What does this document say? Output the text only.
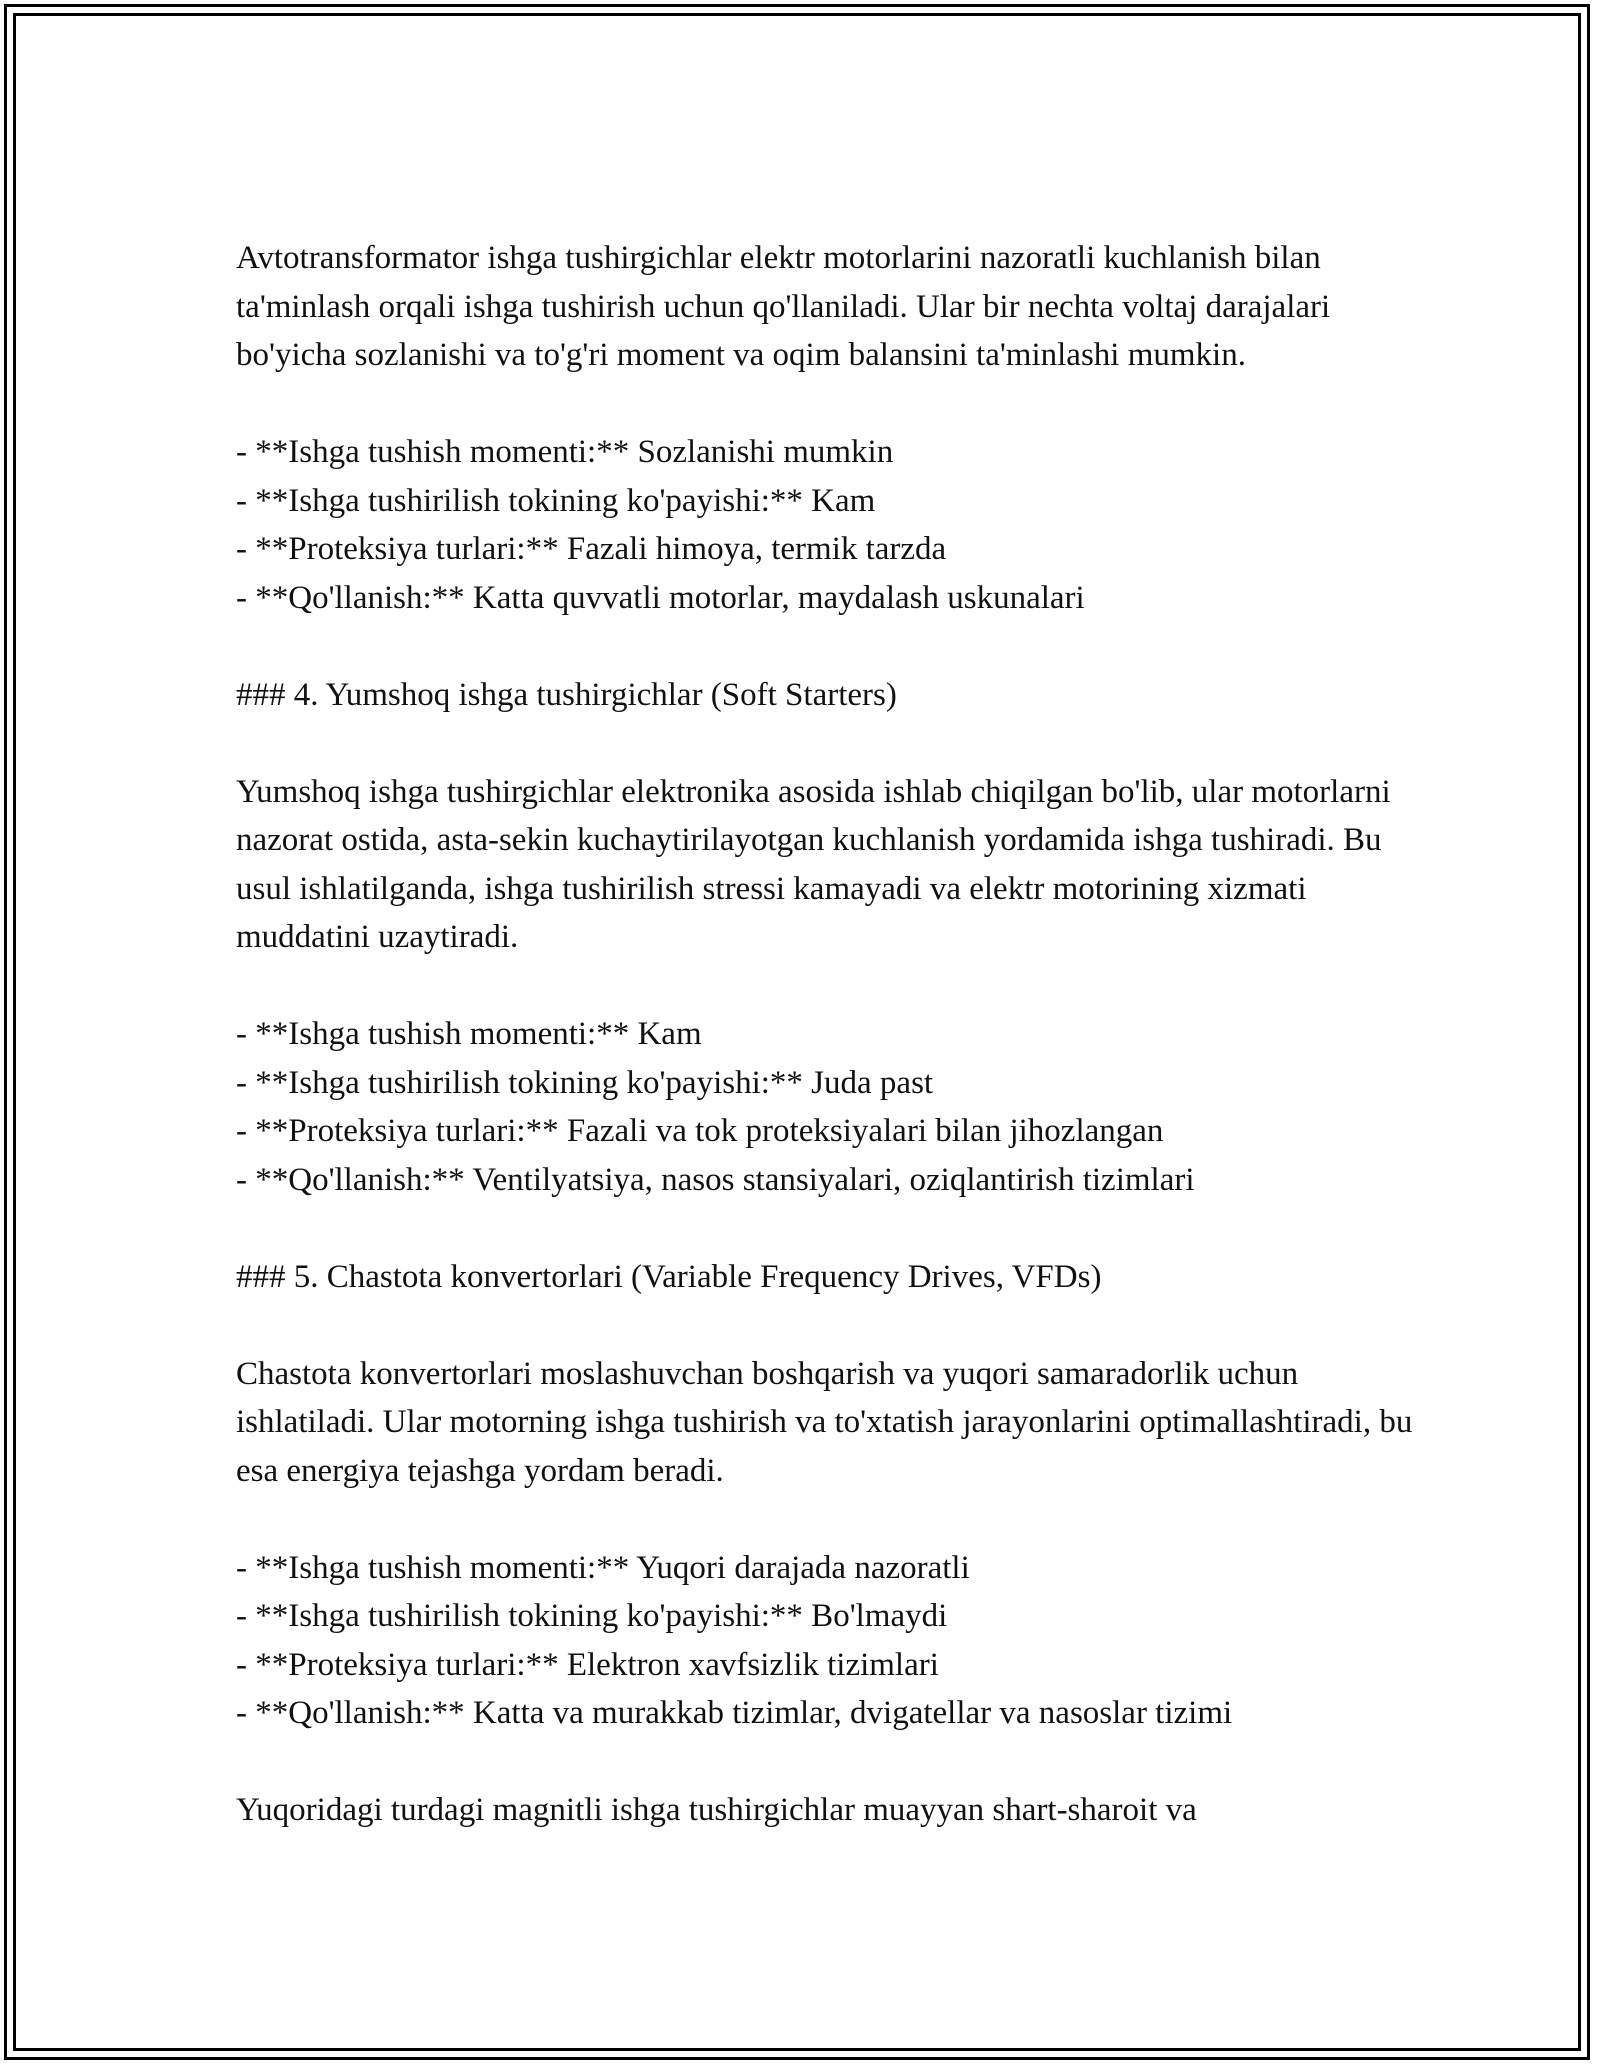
Avtotransformator ishga tushirgichlar elektr motorlarini nazoratli kuchlanish bilan ta'minlash orqali ishga tushirish uchun qo'llaniladi. Ular bir nechta voltaj darajalari bo'yicha sozlanishi va to'g'ri moment va oqim balansini ta'minlashi mumkin.

- **Ishga tushish momenti:** Sozlanishi mumkin
- **Ishga tushirilish tokining ko'payishi:** Kam
- **Proteksiya turlari:** Fazali himoya, termik tarzda
- **Qo'llanish:** Katta quvvatli motorlar, maydalash uskunalari

### 4. Yumshoq ishga tushirgichlar (Soft Starters)

Yumshoq ishga tushirgichlar elektronika asosida ishlab chiqilgan bo'lib, ular motorlarni nazorat ostida, asta-sekin kuchaytirilayotgan kuchlanish yordamida ishga tushiradi. Bu usul ishlatilganda, ishga tushirilish stressi kamayadi va elektr motorining xizmati muddatini uzaytiradi.

- **Ishga tushish momenti:** Kam
- **Ishga tushirilish tokining ko'payishi:** Juda past
- **Proteksiya turlari:** Fazali va tok proteksiyalari bilan jihozlangan
- **Qo'llanish:** Ventilyatsiya, nasos stansiyalari, oziqlantirish tizimlari

### 5. Chastota konvertorlari (Variable Frequency Drives, VFDs)

Chastota konvertorlari moslashuvchan boshqarish va yuqori samaradorlik uchun ishlatiladi. Ular motorning ishga tushirish va to'xtatish jarayonlarini optimallashtiradi, bu esa energiya tejashga yordam beradi.

- **Ishga tushish momenti:** Yuqori darajada nazoratli
- **Ishga tushirilish tokining ko'payishi:** Bo'lmaydi
- **Proteksiya turlari:** Elektron xavfsizlik tizimlari
- **Qo'llanish:** Katta va murakkab tizimlar, dvigatellar va nasoslar tizimi

Yuqoridagi turdagi magnitli ishga tushirgichlar muayyan shart-sharoit va
